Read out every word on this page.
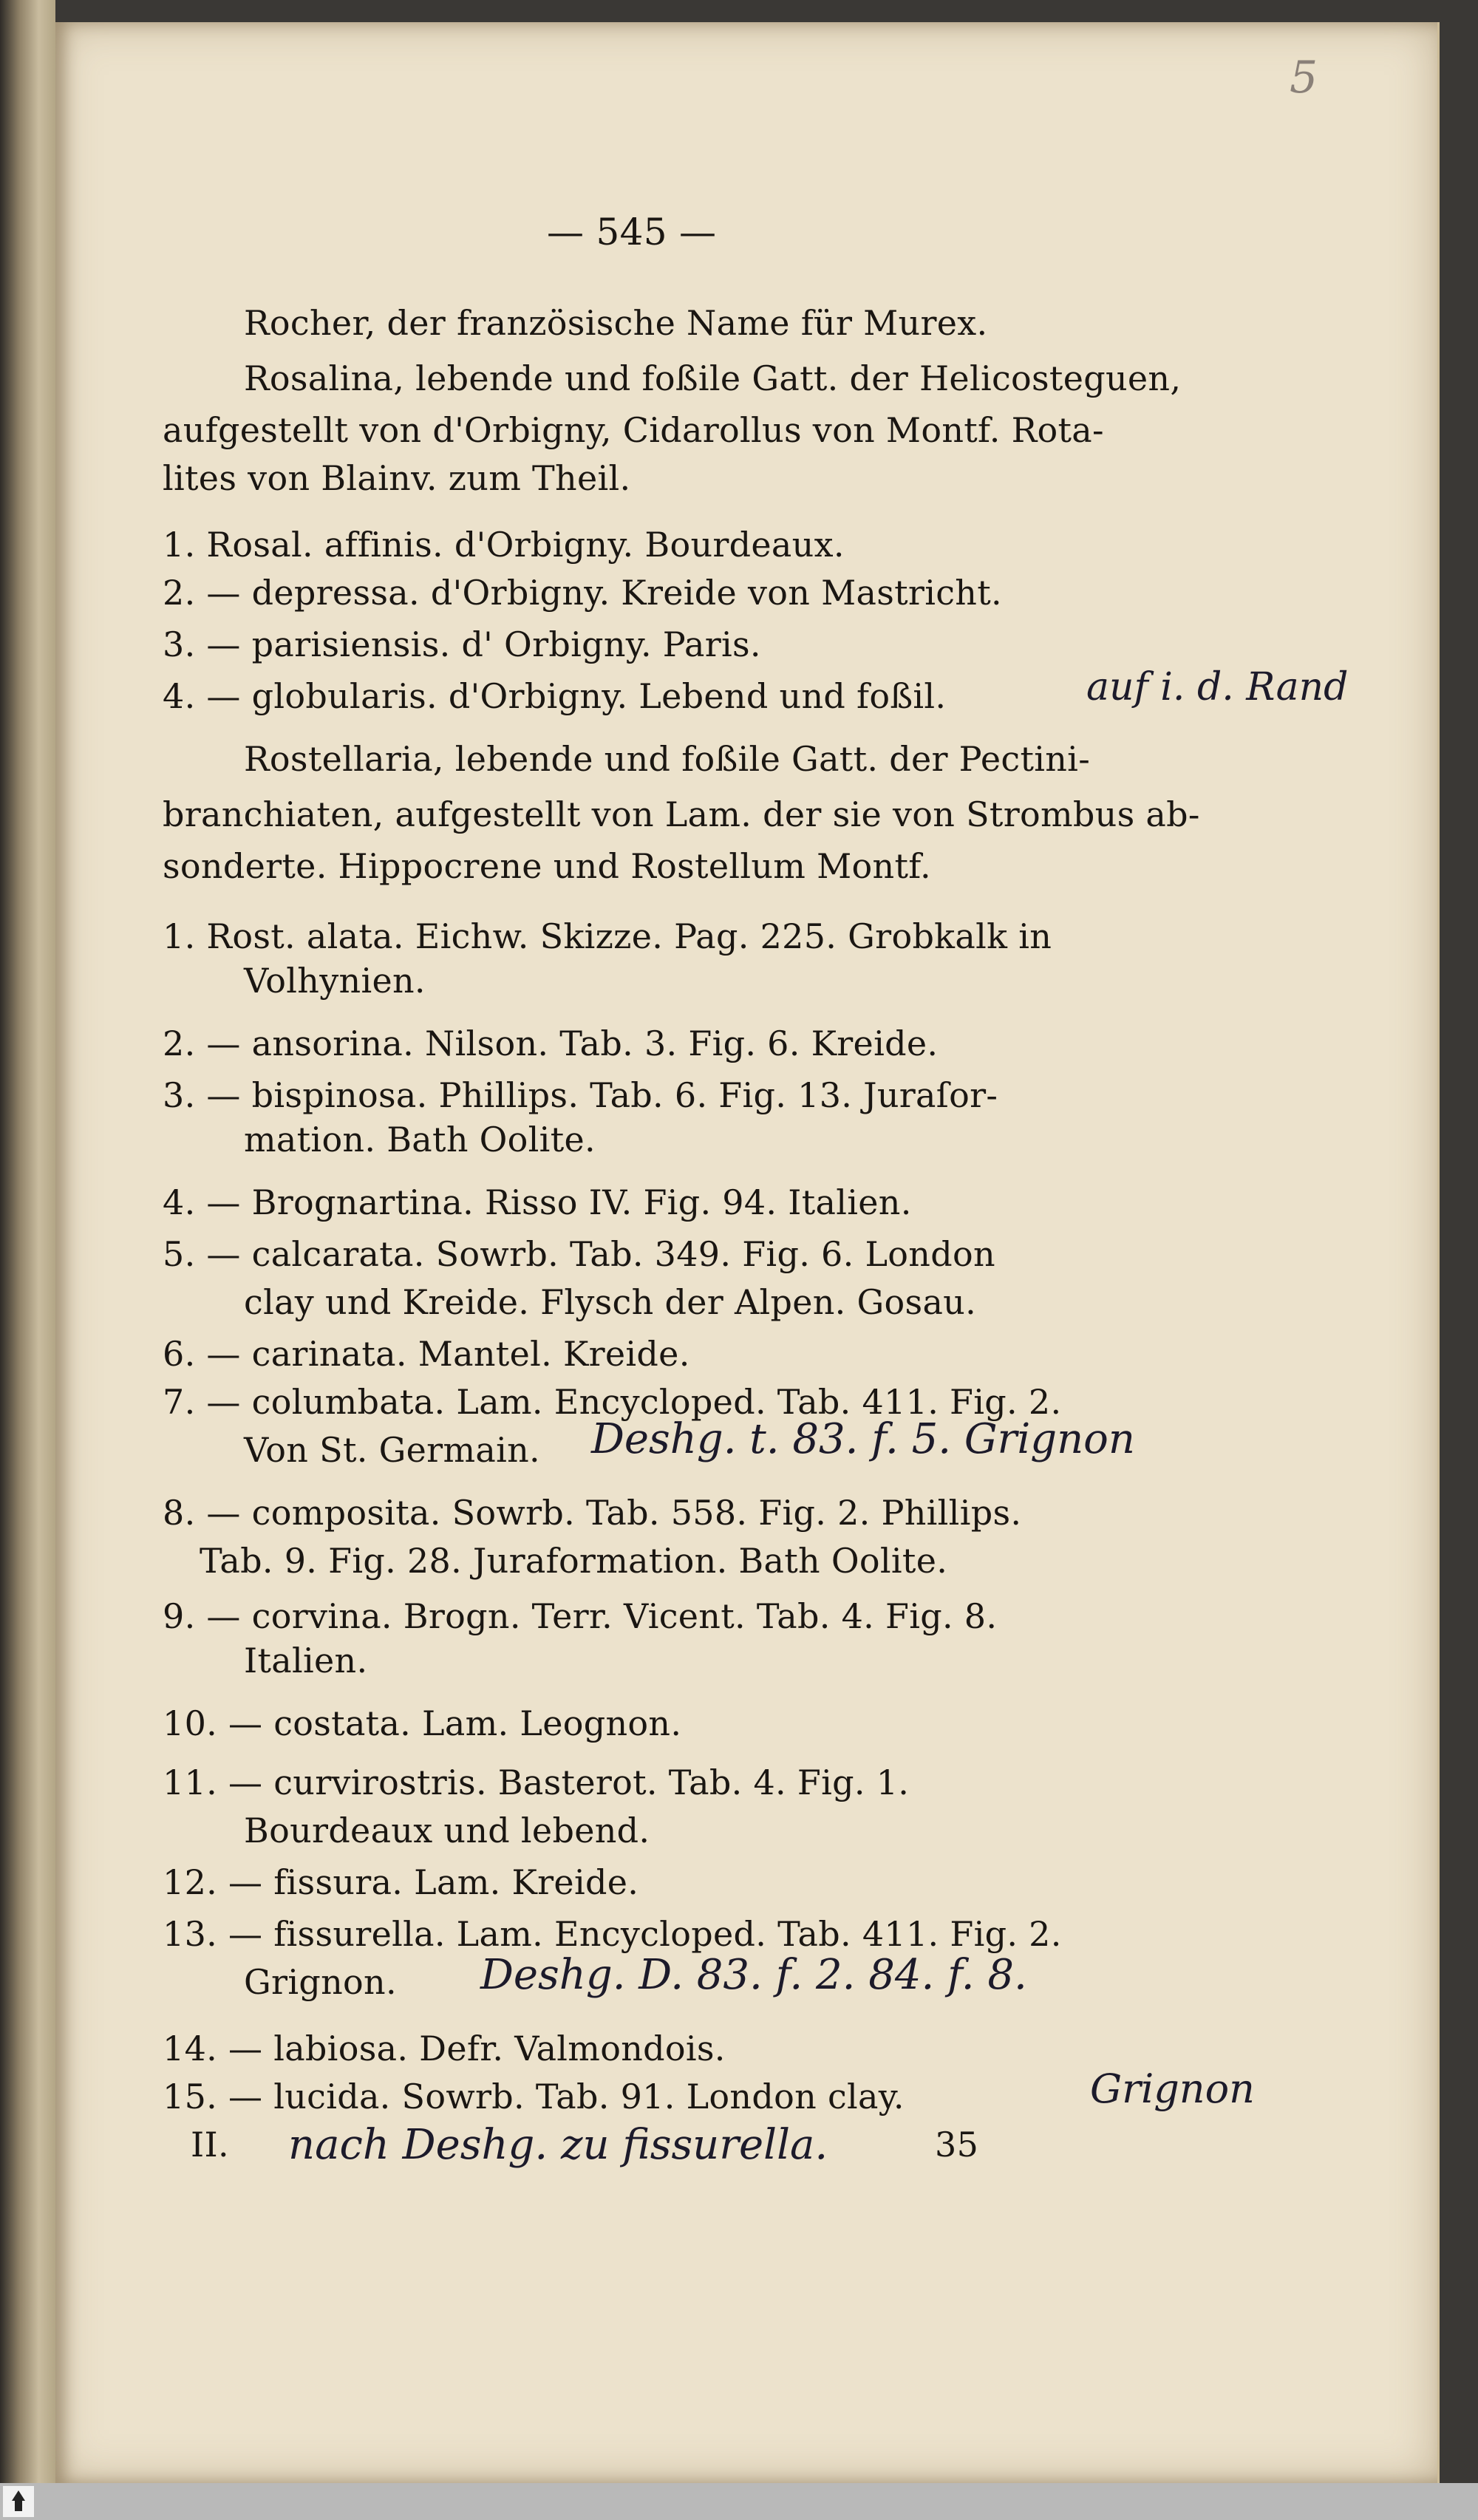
5
— 545 —
Rocher, der französische Name für Murex.
Rosalina, lebende und foßile Gatt. der Helicosteguen,
aufgestellt von d'Orbigny, Cidarollus von Montf. Rota-
lites von Blainv. zum Theil.
1. Rosal. affinis. d'Orbigny. Bourdeaux.
2. — depressa. d'Orbigny. Kreide von Mastricht.
3. — parisiensis. d' Orbigny. Paris.
4. — globularis. d'Orbigny. Lebend und foßil.	auf i. d. Rand
Rostellaria, lebende und foßile Gatt. der Pectini-
branchiaten, aufgestellt von Lam. der sie von Strombus ab-
sonderte. Hippocrene und Rostellum Montf.
1. Rost. alata. Eichw. Skizze. Pag. 225. Grobkalk in
Volhynien.
2. — ansorina. Nilson. Tab. 3. Fig. 6. Kreide.
3. — bispinosa. Phillips. Tab. 6. Fig. 13. Juraſor-
mation. Bath Oolite.
4. — Brognartina. Risso IV. Fig. 94. Italien.
5. — calcarata. Sowrb. Tab. 349. Fig. 6. London
clay und Kreide. Flysch der Alpen. Gosau.
6. — carinata. Mantel. Kreide.
7. — columbata. Lam. Encycloped. Tab. 411. Fig. 2.
Von St. Germain. Deshg. t. 83. f. 5. Grignon
8. — composita. Sowrb. Tab. 558. Fig. 2. Phillips.
Tab. 9. Fig. 28. Juraformation. Bath Oolite.
9. — corvina. Brogn. Terr. Vicent. Tab. 4. Fig. 8.
Italien.
10. — costata. Lam. Leognon.
11. — curvirostris. Basterot. Tab. 4. Fig. 1.
Bourdeaux und lebend.
12. — fissura. Lam. Kreide.
13. — fissurella. Lam. Encycloped. Tab. 411. Fig. 2.
Grignon. Deshg. D. 83. f. 2. 84. f. 8.
14. — labiosa. Defr. Valmondois.
15. — lucida. Sowrb. Tab. 91. London clay.	Grignon
II. nach Deshg. zu fissurella.	35
